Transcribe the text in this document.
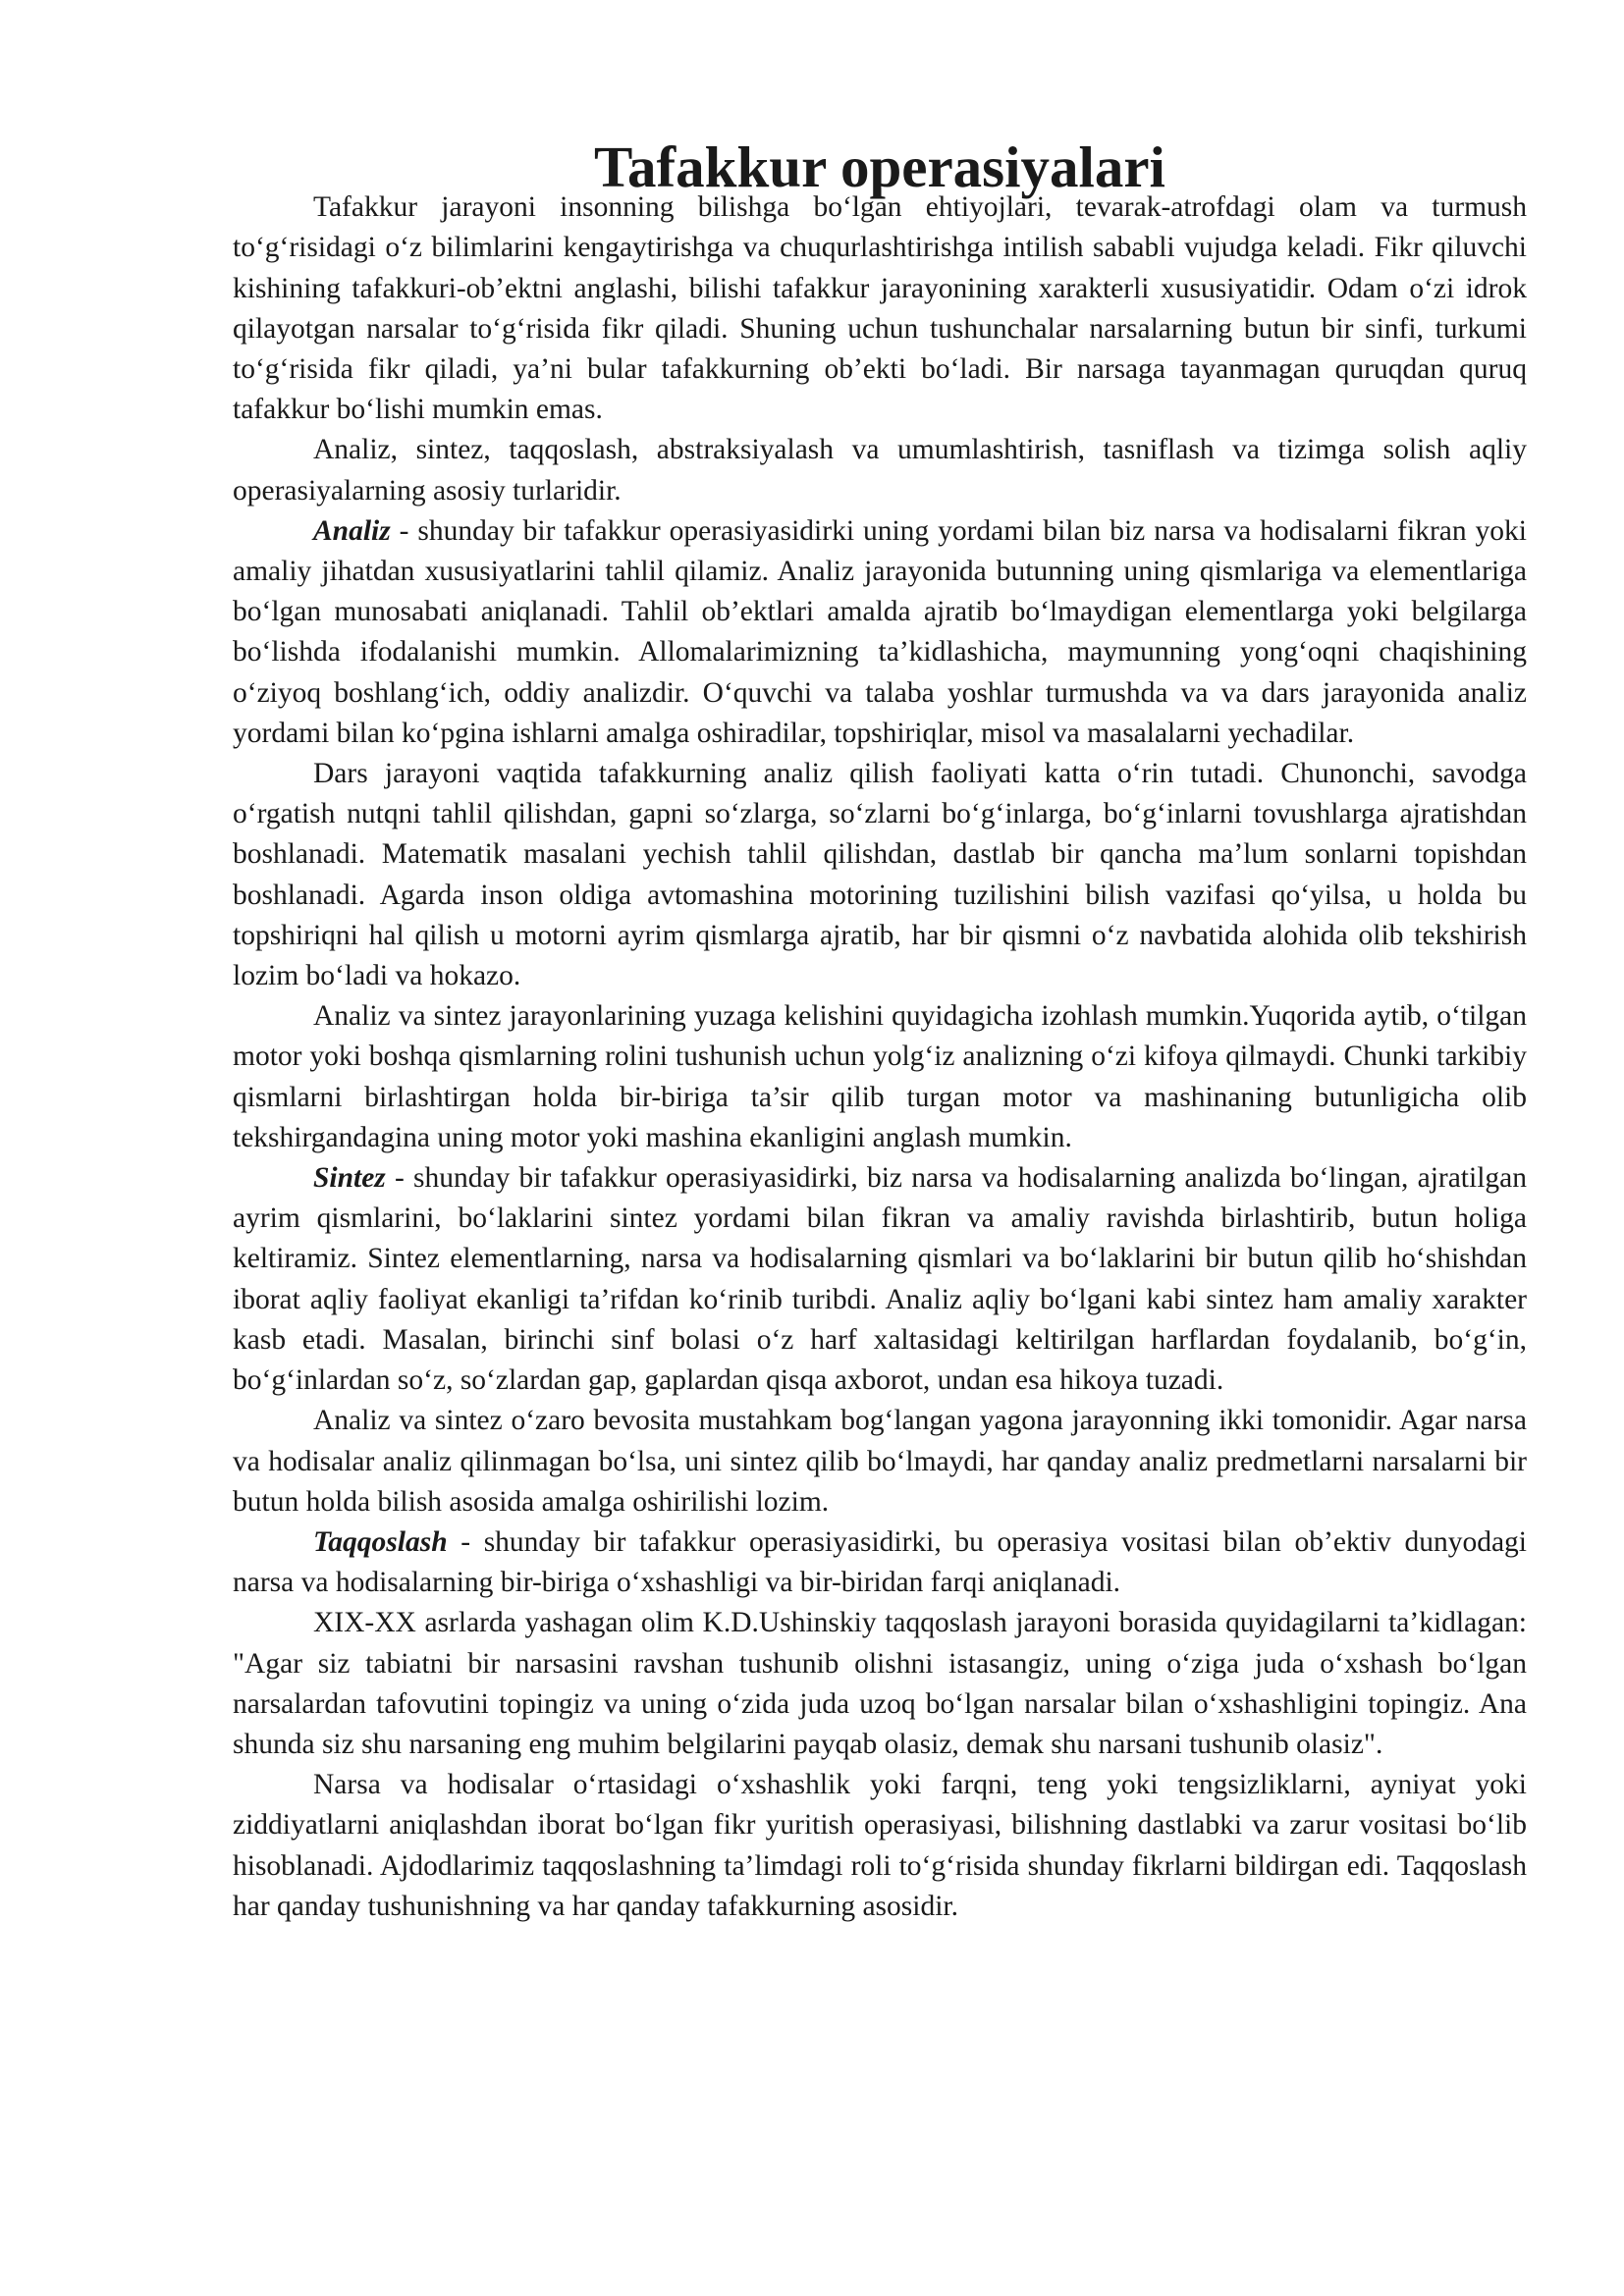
Tafakkur operasiyalari

Tafakkur jarayoni insonning bilishga bo‘lgan ehtiyojlari, tevarak-atrofdagi olam va turmush to‘g‘risidagi o‘z bilimlarini kengaytirishga va chuqurlashtirishga intilish sababli vujudga keladi. Fikr qiluvchi kishining tafakkuri-ob’ektni anglashi, bilishi tafakkur jarayonining xarakterli xususiyatidir. Odam o‘zi idrok qilayotgan narsalar to‘g‘risida fikr qiladi. Shuning uchun tushunchalar narsalarning butun bir sinfi, turkumi to‘g‘risida fikr qiladi, ya’ni bular tafakkurning ob’ekti bo‘ladi. Bir narsaga tayanmagan quruqdan quruq tafakkur bo‘lishi mumkin emas.

Analiz, sintez, taqqoslash, abstraksiyalash va umumlashtirish, tasniflash va tizimga solish aqliy operasiyalarning asosiy turlaridir.

Analiz - shunday bir tafakkur operasiyasidirki uning yordami bilan biz narsa va hodisalarni fikran yoki amaliy jihatdan xususiyatlarini tahlil qilamiz. Analiz jarayonida butunning uning qismlariga va elementlariga bo‘lgan munosabati aniqlanadi. Tahlil ob’ektlari amalda ajratib bo‘lmaydigan elementlarga yoki belgilarga bo‘lishda ifodalanishi mumkin. Allomalarimizning ta’kidlashicha, maymunning yong‘oqni chaqishining o‘ziyoq boshlang‘ich, oddiy analizdir. O‘quvchi va talaba yoshlar turmushda va va dars jarayonida analiz yordami bilan ko‘pgina ishlarni amalga oshiradilar, topshiriqlar, misol va masalalarni yechadilar.

Dars jarayoni vaqtida tafakkurning analiz qilish faoliyati katta o‘rin tutadi. Chunonchi, savodga o‘rgatish nutqni tahlil qilishdan, gapni so‘zlarga, so‘zlarni bo‘g‘inlarga, bo‘g‘inlarni tovushlarga ajratishdan boshlanadi. Matematik masalani yechish tahlil qilishdan, dastlab bir qancha ma’lum sonlarni topishdan boshlanadi. Agarda inson oldiga avtomashina motorining tuzilishini bilish vazifasi qo‘yilsa, u holda bu topshiriqni hal qilish u motorni ayrim qismlarga ajratib, har bir qismni o‘z navbatida alohida olib tekshirish lozim bo‘ladi va hokazo.

Analiz va sintez jarayonlarining yuzaga kelishini quyidagicha izohlash mumkin.Yuqorida aytib, o‘tilgan motor yoki boshqa qismlarning rolini tushunish uchun yolg‘iz analizning o‘zi kifoya qilmaydi. Chunki tarkibiy qismlarni birlashtirgan holda bir-biriga ta’sir qilib turgan motor va mashinaning butunligicha olib tekshirgandagina uning motor yoki mashina ekanligini anglash mumkin.

Sintez - shunday bir tafakkur operasiyasidirki, biz narsa va hodisalarning analizda bo‘lingan, ajratilgan ayrim qismlarini, bo‘laklarini sintez yordami bilan fikran va amaliy ravishda birlashtirib, butun holiga keltiramiz. Sintez elementlarning, narsa va hodisalarning qismlari va bo‘laklarini bir butun qilib ho‘shishdan iborat aqliy faoliyat ekanligi ta’rifdan ko‘rinib turibdi. Analiz aqliy bo‘lgani kabi sintez ham amaliy xarakter kasb etadi. Masalan, birinchi sinf bolasi o‘z harf xaltasidagi keltirilgan harflardan foydalanib, bo‘g‘in, bo‘g‘inlardan so‘z, so‘zlardan gap, gaplardan qisqa axborot, undan esa hikoya tuzadi.

Analiz va sintez o‘zaro bevosita mustahkam bog‘langan yagona jarayonning ikki tomonidir. Agar narsa va hodisalar analiz qilinmagan bo‘lsa, uni sintez qilib bo‘lmaydi, har qanday analiz predmetlarni narsalarni bir butun holda bilish asosida amalga oshirilishi lozim.

Taqqoslash - shunday bir tafakkur operasiyasidirki, bu operasiya vositasi bilan ob’ektiv dunyodagi narsa va hodisalarning bir-biriga o‘xshashligi va bir-biridan farqi aniqlanadi.

XIX-XX asrlarda yashagan olim K.D.Ushinskiy taqqoslash jarayoni borasida quyidagilarni ta’kidlagan: "Agar siz tabiatni bir narsasini ravshan tushunib olishni istasangiz, uning o‘ziga juda o‘xshash bo‘lgan narsalardan tafovutini topingiz va uning o‘zida juda uzoq bo‘lgan narsalar bilan o‘xshashligini topingiz. Ana shunda siz shu narsaning eng muhim belgilarini payqab olasiz, demak shu narsani tushunib olasiz".

Narsa va hodisalar o‘rtasidagi o‘xshashlik yoki farqni, teng yoki tengsizliklarni, ayniyat yoki ziddiyatlarni aniqlashdan iborat bo‘lgan fikr yuritish operasiyasi, bilishning dastlabki va zarur vositasi bo‘lib hisoblanadi. Ajdodlarimiz taqqoslashning ta’limdagi roli to‘g‘risida shunday fikrlarni bildirgan edi. Taqqoslash har qanday tushunishning va har qanday tafakkurning asosidir.
